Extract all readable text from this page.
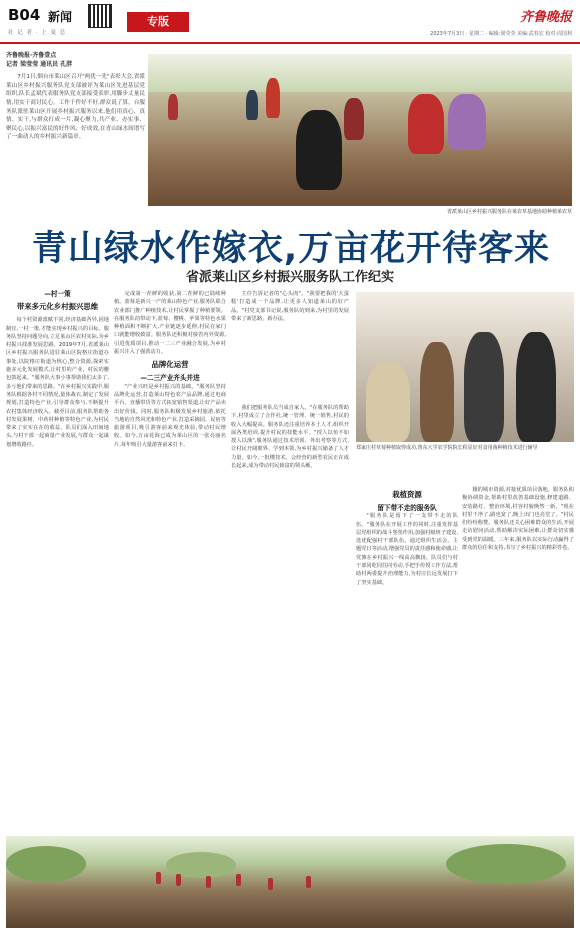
B04 新闻
社 记 者 · 上 曼 总
专版	齐鲁晚报
2023年7月3日 · 星期二 · 编辑:梁莹莹 美编:武春宏 校对:周国利
齐鲁晚报·齐鲁壹点
记者 梁莹莹 通讯员 孔胖

7月1日,烟台市莱山区召开"两优一先"表彰大会,省派莱山区乡村振兴服务队党支部被评为莱山区先进基层党组织,队长孟斌代表服务队党支部接受表彰,用脚步丈量民情,用实干商讨民心。工作千件好不好,群众说了算。自服务队派驻莱山区开展乡村振兴服务以来,他们用真心、真情、实干,与群众打成一片,凝心聚力,共产业、办实事、聚民心,以振兴富民的好作风、好成效,在青山绿水间谱写了一曲动人的乡村振兴新篇章。

省派莱山区乡村振兴服务队在莱农草基地协助种植莱农草
青山绿水作嫁衣,万亩花开待客来
省派莱山区乡村振兴服务队工作纪实
—村一策

带来多元化乡村振兴思维

每个村资源禀赋不同,经济基础各异,因地制宜,一村一策,才能实现乡村振兴的目标。服务队坚持问题导向,立足莱山区农村实际,为乡村振兴找准发展思路。2019年7月,省派莱山区乡村振兴服务队进驻莱山区院格庄街道办事处,以院格庄街道为核心,整合资源,探索实施多元化发展模式,让村里的产业、村民的腰包鼓起来。"服务队大事小事帮助我们太多了,多亏他们带来的思路。"在乡村振兴实践中,服务队根据各村不同情况,量体裁衣,制定了发展规划,打造特色产业,引导群众参与,不断提升农村集体经济收入。截至目前,服务队帮助各村发展果树、中药材种植等特色产业,为村民带来了实实在在的收益。队员们深入田间地头,与村干部一起商量产业发展,与群众一起谋划增收路径。

完成第一茬鲜的收获,第二茬鲜的已陆续种植。蓝莓是新兴一产的莱山特色产业,服务队联合农业部门推广种植技术,让村民掌握了种植要领。在服务队的带动下,蓝莓、樱桃、苹果等特色水果种植面积不断扩大,产业链逐步延伸,村民在家门口就能增收致富。服务队还积极对接省内外资源,引进优质项目,推动一二三产业融合发展,为乡村振兴注入了强劲动力。

品牌化运营

—二三产业齐头并进

"产业兴旺是乡村振兴的基础。"服务队坚持品牌化运营,打造莱山特色农产品品牌,通过电商平台、直播带货等方式拓宽销售渠道,让好产品卖出好价钱。同时,服务队积极发展乡村旅游,依托当地的自然风光和特色产业,打造采摘园、民宿等旅游项目,吸引游客前来观光体验,带动村民增收。如今,万亩花海已成为莱山区的一张亮丽名片,每年吸引大量游客前来打卡。

主任告诉记者的"心头肉"。"我要把我的'大蛋糕'打造成一个品牌,让更多人知道莱山的好产品。"村党支部书记说,服务队的到来,为村里的发展带来了新思路、新办法。

我们把服务队员当成自家人。"在服务队的帮助下,村里成立了合作社,统一管理、统一销售,村民的收入大幅提高。服务队还注重培养本土人才,组织开展各类培训,提升村民的技能水平。"授人以鱼不如授人以渔",服务队通过技术培训、外出考察等方式,让村民开阔眼界、学到本领,为乡村振兴储备了人才力量。如今,一批懂技术、会经营的新型农民正在成长起来,成为带动村民致富的领头雁。

郑家庄村草莓种植取得成功,鲁东大学农学院院长程显好对食用菌种植技术进行辅导

栽植资源

留下带不走的服务队

"服务队是留下了一支带不走的队伍。"服务队在开展工作的同时,注重发挥基层党组织的战斗堡垒作用,加强村级班子建设,选优配强村干部队伍。通过组织生活会、主题党日等活动,增强党员的责任感和使命感,让党旗在乡村振兴一线高高飘扬。队员们与村干部同吃同住同劳动,手把手传授工作方法,帮助村两委提升治理能力,为村庄长远发展打下了坚实基础。

籍的城市资源,对接优质项目落地。服务队积极协调资金,帮助村里改善基础设施,修建道路、安装路灯、整治环境,村容村貌焕然一新。"现在村里干净了,路也宽了,晚上出门也亮堂了。"村民们纷纷称赞。服务队还关心困难群众的生活,开展走访慰问活动,帮助解决实际困难,让群众切实感受到党的温暖。三年来,服务队以实际行动赢得了群众的信任和支持,书写了乡村振兴的精彩答卷。
